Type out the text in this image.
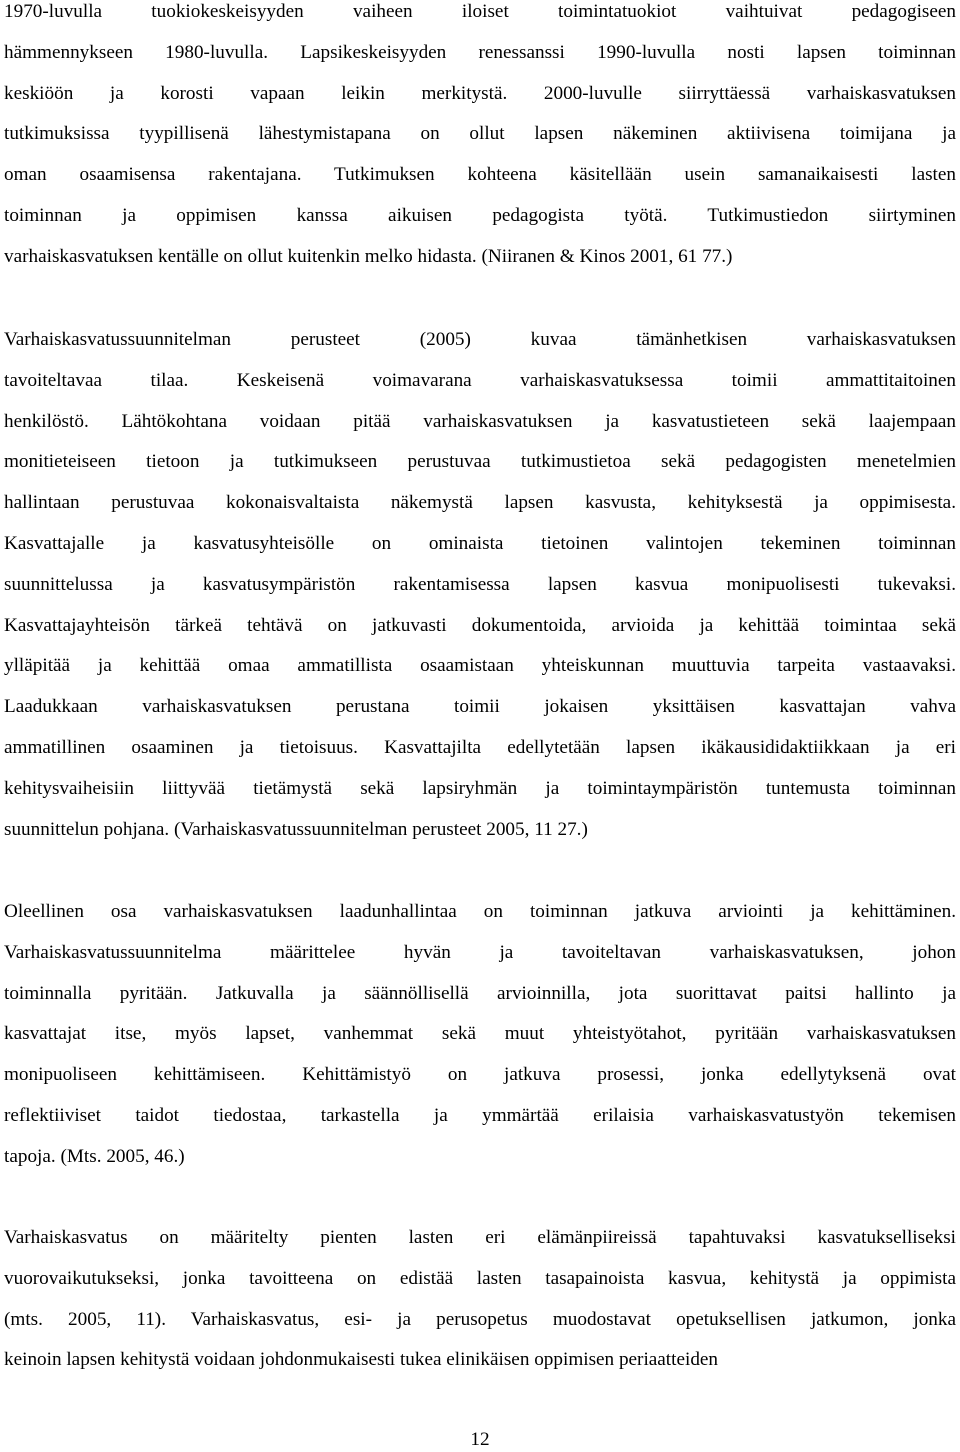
1970-luvulla tuokiokeskeisyyden vaiheen iloiset toimintatuokiot vaihtuivat pedagogiseen
hämmennykseen 1980-luvulla. Lapsikeskeisyyden renessanssi 1990-luvulla nosti lapsen toiminnan
keskiöön ja korosti vapaan leikin merkitystä. 2000-luvulle siirryttäessä varhaiskasvatuksen
tutkimuksissa tyypillisenä lähestymistapana on ollut lapsen näkeminen aktiivisena toimijana ja
oman osaamisensa rakentajana. Tutkimuksen kohteena käsitellään usein samanaikaisesti lasten
toiminnan ja oppimisen kanssa aikuisen pedagogista työtä. Tutkimustiedon siirtyminen
varhaiskasvatuksen kentälle on ollut kuitenkin melko hidasta. (Niiranen & Kinos 2001, 61 77.)
Varhaiskasvatussuunnitelman perusteet (2005) kuvaa tämänhetkisen varhaiskasvatuksen
tavoiteltavaa tilaa. Keskeisenä voimavarana varhaiskasvatuksessa toimii ammattitaitoinen
henkilöstö. Lähtökohtana voidaan pitää varhaiskasvatuksen ja kasvatustieteen sekä laajempaan
monitieteiseen tietoon ja tutkimukseen perustuvaa tutkimustietoa sekä pedagogisten menetelmien
hallintaan perustuvaa kokonaisvaltaista näkemystä lapsen kasvusta, kehityksestä ja oppimisesta.
Kasvattajalle ja kasvatusyhteisölle on ominaista tietoinen valintojen tekeminen toiminnan
suunnittelussa ja kasvatusympäristön rakentamisessa lapsen kasvua monipuolisesti tukevaksi.
Kasvattajayhteisön tärkeä tehtävä on jatkuvasti dokumentoida, arvioida ja kehittää toimintaa sekä
ylläpitää ja kehittää omaa ammatillista osaamistaan yhteiskunnan muuttuvia tarpeita vastaavaksi.
Laadukkaan varhaiskasvatuksen perustana toimii jokaisen yksittäisen kasvattajan vahva
ammatillinen osaaminen ja tietoisuus. Kasvattajilta edellytetään lapsen ikäkausididaktiikkaan ja eri
kehitysvaiheisiin liittyvää tietämystä sekä lapsiryhmän ja toimintaympäristön tuntemusta toiminnan
suunnittelun pohjana. (Varhaiskasvatussuunnitelman perusteet 2005, 11 27.)
Oleellinen osa varhaiskasvatuksen laadunhallintaa on toiminnan jatkuva arviointi ja kehittäminen.
Varhaiskasvatussuunnitelma määrittelee hyvän ja tavoiteltavan varhaiskasvatuksen, johon
toiminnalla pyritään. Jatkuvalla ja säännöllisellä arvioinnilla, jota suorittavat paitsi hallinto ja
kasvattajat itse, myös lapset, vanhemmat sekä muut yhteistyötahot, pyritään varhaiskasvatuksen
monipuoliseen kehittämiseen. Kehittämistyö on jatkuva prosessi, jonka edellytyksenä ovat
reflektiiviset taidot tiedostaa, tarkastella ja ymmärtää erilaisia varhaiskasvatustyön tekemisen
tapoja. (Mts. 2005, 46.)
Varhaiskasvatus on määritelty pienten lasten eri elämänpiireissä tapahtuvaksi kasvatukselliseksi
vuorovaikutukseksi, jonka tavoitteena on edistää lasten tasapainoista kasvua, kehitystä ja oppimista
(mts. 2005, 11). Varhaiskasvatus, esi- ja perusopetus muodostavat opetuksellisen jatkumon, jonka
keinoin lapsen kehitystä voidaan johdonmukaisesti tukea elinikäisen oppimisen periaatteiden
12
